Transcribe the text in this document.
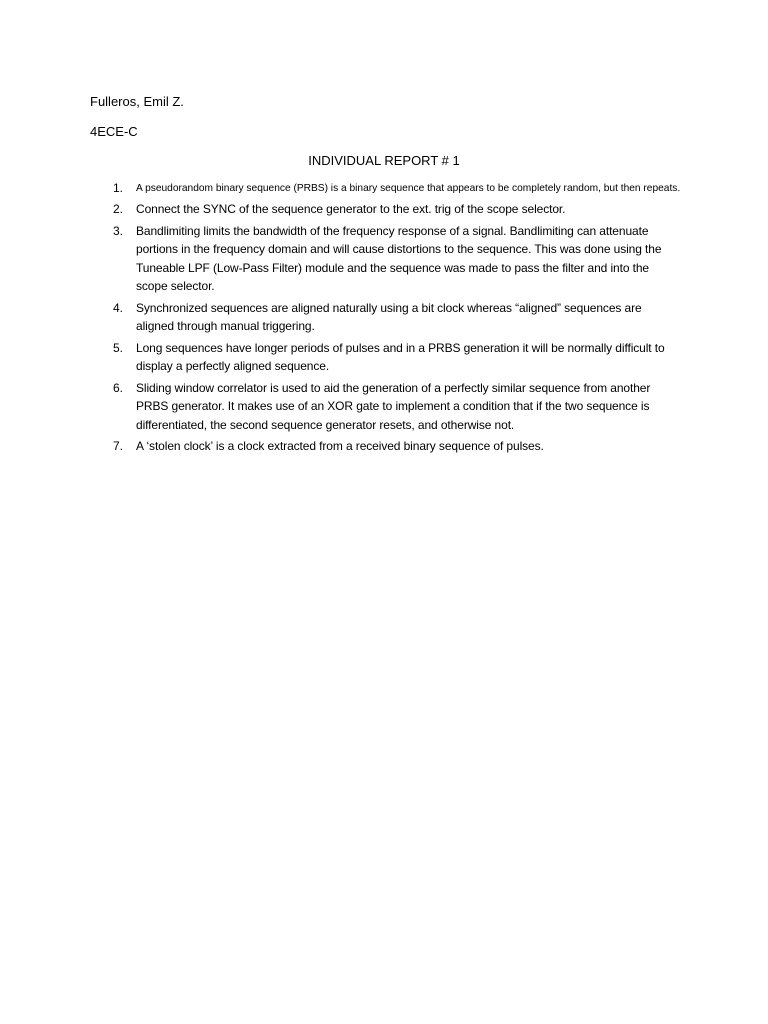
Fulleros, Emil Z.
4ECE-C
INDIVIDUAL REPORT # 1
1. A pseudorandom binary sequence (PRBS) is a binary sequence that appears to be completely random, but then repeats.
2. Connect the SYNC of the sequence generator to the ext. trig of the scope selector.
3. Bandlimiting limits the bandwidth of the frequency response of a signal. Bandlimiting can attenuate portions in the frequency domain and will cause distortions to the sequence. This was done using the Tuneable LPF (Low-Pass Filter) module and the sequence was made to pass the filter and into the scope selector.
4. Synchronized sequences are aligned naturally using a bit clock whereas “aligned” sequences are aligned through manual triggering.
5. Long sequences have longer periods of pulses and in a PRBS generation it will be normally difficult to display a perfectly aligned sequence.
6. Sliding window correlator is used to aid the generation of a perfectly similar sequence from another PRBS generator. It makes use of an XOR gate to implement a condition that if the two sequence is differentiated, the second sequence generator resets, and otherwise not.
7. A ‘stolen clock’ is a clock extracted from a received binary sequence of pulses.
